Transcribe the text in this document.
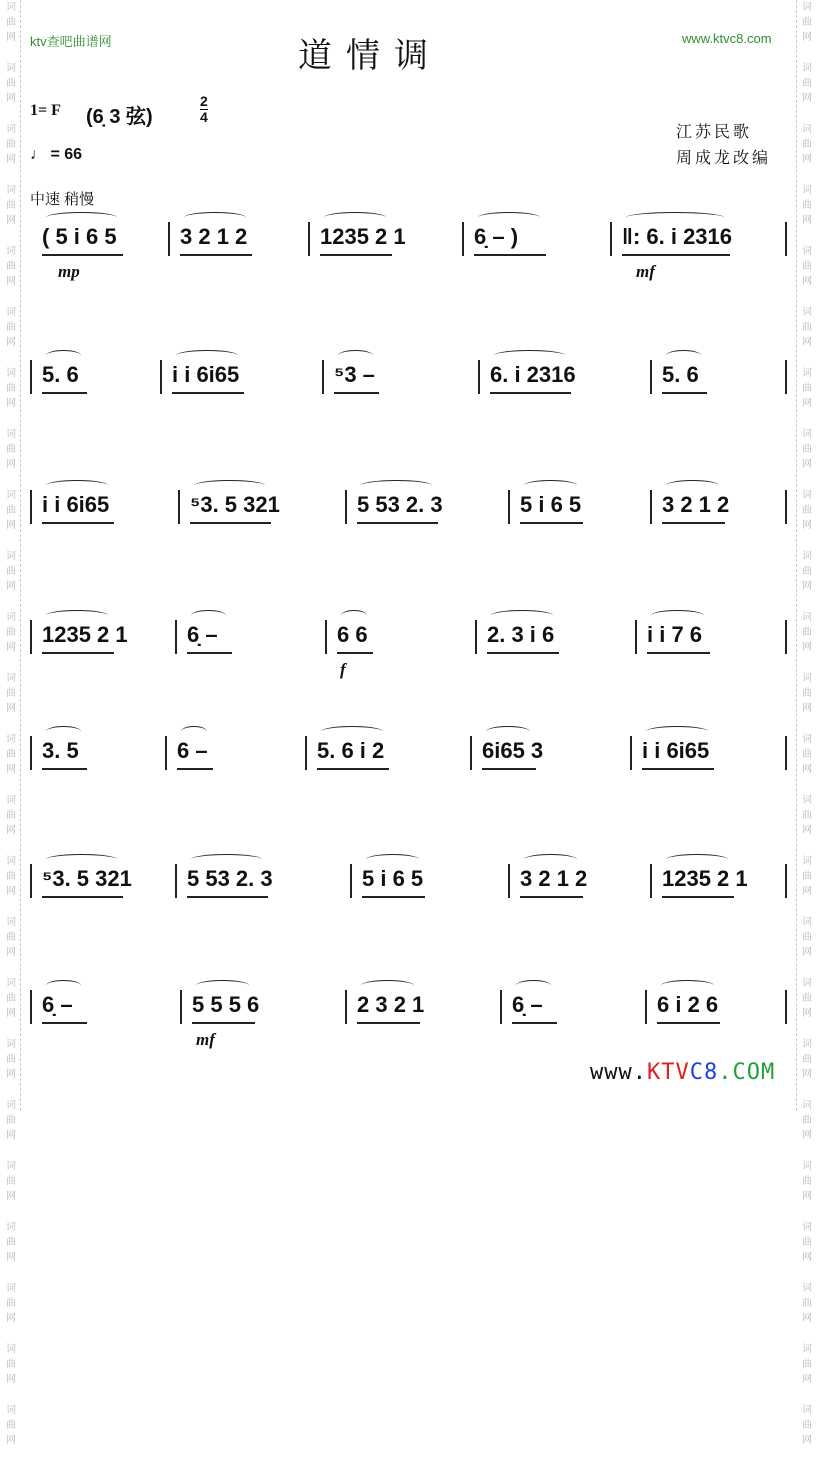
词
曲
网
词
曲
网
词
曲
网
词
曲
网
词
曲
网
词
曲
网
词
曲
网
词
曲
网
词
曲
网
词
曲
网
词
曲
网
词
曲
网
词
曲
网
词
曲
网
词
曲
网
词
曲
网
词
曲
网
词
曲
网
词
曲
网
词
曲
网
词
曲
网
词
曲
网
词
曲
网
词
曲
网
词
曲
网
词
曲
网
词
曲
网
词
曲
网
词
曲
网
词
曲
网
词
曲
网
词
曲
网
词
曲
网
词
曲
网
词
曲
网
词
曲
网
词
曲
网
词
曲
网
词
曲
网
词
曲
网
词
曲
网
词
曲
网
词
曲
网
词
曲
网
词
曲
网
词
曲
网
词
曲
网
词
曲
网
ktv查吧曲谱网	www.ktvc8.com
道情调
1= F (6̣ 3 弦)
2
4
♩ = 66
中速 稍慢
江苏民歌
周成龙改编
( 5 i 6 5	3 2 1 2	1235 2 1	6̣ – )	‖: 6. i 2316
mp	mf
5. 6	i i 6i65	⁵3 –	6. i 2316	5. 6
i i 6i65	⁵3. 5 321	5 53 2. 3	5 i 6 5	3 2 1 2
1235 2 1	6̣ –	6 6	2. 3 i 6	i i 7 6
f
3. 5	6 –	5. 6 i 2	6i65 3	i i 6i65
⁵3. 5 321	5 53 2. 3	5 i 6 5	3 2 1 2	1235 2 1
6̣ –	5 5 5 6	2 3 2 1	6̣ –	6 i 2 6
mf
www.KTVC8.COM
